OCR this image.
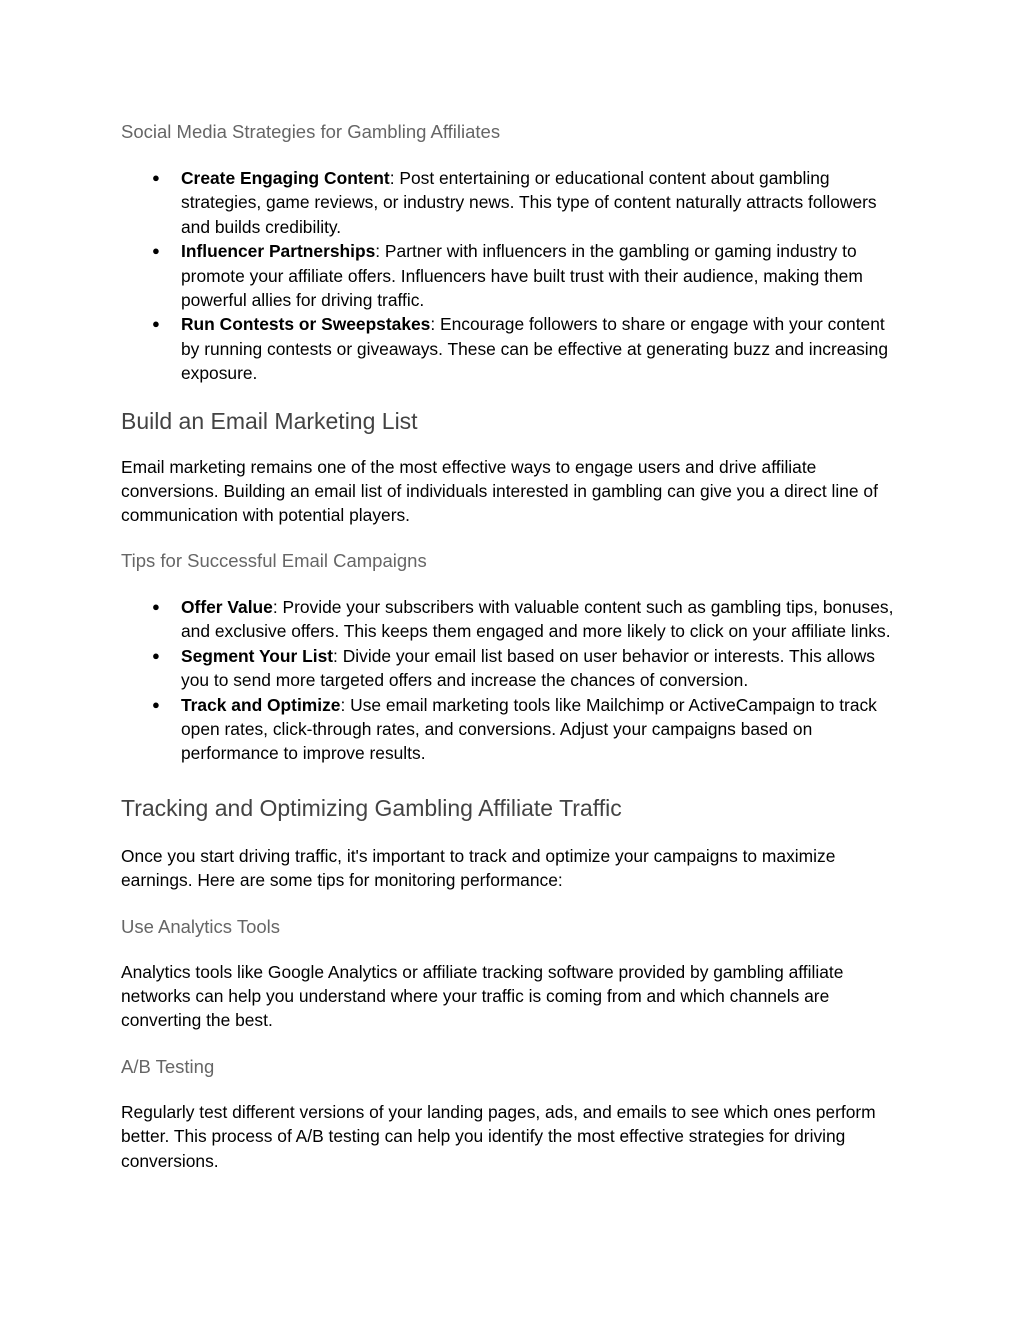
Social Media Strategies for Gambling Affiliates
● Create Engaging Content: Post entertaining or educational content about gambling strategies, game reviews, or industry news. This type of content naturally attracts followers and builds credibility.
● Influencer Partnerships: Partner with influencers in the gambling or gaming industry to promote your affiliate offers. Influencers have built trust with their audience, making them powerful allies for driving traffic.
● Run Contests or Sweepstakes: Encourage followers to share or engage with your content by running contests or giveaways. These can be effective at generating buzz and increasing exposure.
Build an Email Marketing List

Email marketing remains one of the most effective ways to engage users and drive affiliate conversions. Building an email list of individuals interested in gambling can give you a direct line of communication with potential players.

Tips for Successful Email Campaigns
● Offer Value: Provide your subscribers with valuable content such as gambling tips, bonuses, and exclusive offers. This keeps them engaged and more likely to click on your affiliate links.
● Segment Your List: Divide your email list based on user behavior or interests. This allows you to send more targeted offers and increase the chances of conversion.
● Track and Optimize: Use email marketing tools like Mailchimp or ActiveCampaign to track open rates, click-through rates, and conversions. Adjust your campaigns based on performance to improve results.
Tracking and Optimizing Gambling Affiliate Traffic

Once you start driving traffic, it's important to track and optimize your campaigns to maximize earnings. Here are some tips for monitoring performance:

Use Analytics Tools

Analytics tools like Google Analytics or affiliate tracking software provided by gambling affiliate networks can help you understand where your traffic is coming from and which channels are converting the best.

A/B Testing

Regularly test different versions of your landing pages, ads, and emails to see which ones perform better. This process of A/B testing can help you identify the most effective strategies for driving conversions.
